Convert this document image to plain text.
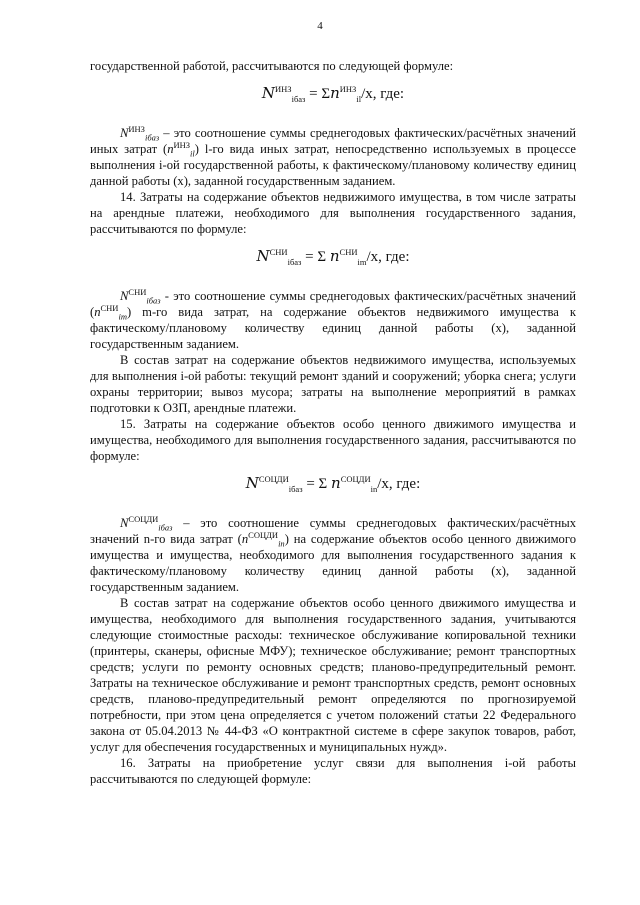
4

государственной работой, рассчитываются по следующей формуле:

$N^{ИНЗ}_{iбаз} = \Sigma n^{ИНЗ}_{il}/x$, где:

$N^{ИНЗ}_{iбаз}$ – это соотношение суммы среднегодовых фактических/расчётных значений иных затрат $(n^{ИНЗ}_{il})$ l-го вида иных затрат, непосредственно используемых в процессе выполнения i-ой государственной работы, к фактическому/плановому количеству единиц данной работы (x), заданной государственным заданием.

14. Затраты на содержание объектов недвижимого имущества, в том числе затраты на арендные платежи, необходимого для выполнения государственного задания, рассчитываются по формуле:

$N^{СНИ}_{iбаз} = \Sigma$ $n^{СНИ}_{im}/x$, где:

$N^{СНИ}_{iбаз}$ - это соотношение суммы среднегодовых фактических/расчётных значений $(n^{СНИ}_{im})$ m-го вида затрат, на содержание объектов недвижимого имущества к фактическому/плановому количеству единиц данной работы (x), заданной государственным заданием.

В состав затрат на содержание объектов недвижимого имущества, используемых для выполнения i-ой работы: текущий ремонт зданий и сооружений; уборка снега; услуги охраны территории; вывоз мусора; затраты на выполнение мероприятий в рамках подготовки к ОЗП, арендные платежи.

15. Затраты на содержание объектов особо ценного движимого имущества и имущества, необходимого для выполнения государственного задания, рассчитываются по формуле:

$N^{СОЦДИ}_{iбаз} = \Sigma$ $n^{СОЦДИ}_{in}/x$, где:

$N^{СОЦДИ}_{iбаз}$ – это соотношение суммы среднегодовых фактических/расчётных значений n-го вида затрат $(n^{СОЦДИ}_{in})$ на содержание объектов особо ценного движимого имущества и имущества, необходимого для выполнения государственного задания к фактическому/плановому количеству единиц данной работы (x), заданной государственным заданием.

В состав затрат на содержание объектов особо ценного движимого имущества и имущества, необходимого для выполнения государственного задания, учитываются следующие стоимостные расходы: техническое обслуживание копировальной техники (принтеры, сканеры, офисные МФУ); техническое обслуживание; ремонт транспортных средств; услуги по ремонту основных средств; планово-предупредительный ремонт. Затраты на техническое обслуживание и ремонт транспортных средств, ремонт основных средств, планово-предупредительный ремонт определяются по прогнозируемой потребности, при этом цена определяется с учетом положений статьи 22 Федерального закона от 05.04.2013 № 44-ФЗ «О контрактной системе в сфере закупок товаров, работ, услуг для обеспечения государственных и муниципальных нужд».

16. Затраты на приобретение услуг связи для выполнения i-ой работы рассчитываются по следующей формуле:
